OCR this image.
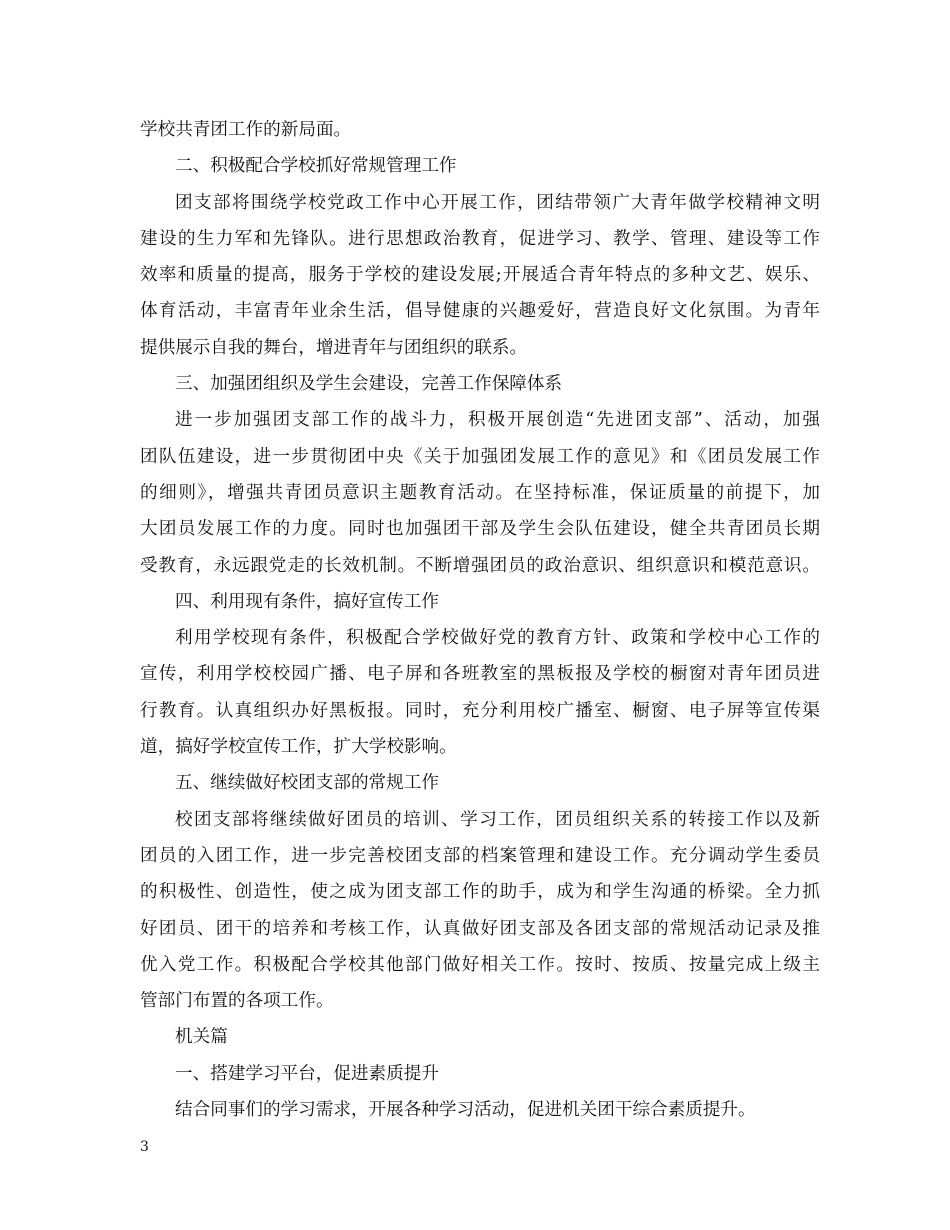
学校共青团工作的新局面。
二、积极配合学校抓好常规管理工作
团支部将围绕学校党政工作中心开展工作，团结带领广大青年做学校精神文明
建设的生力军和先锋队。进行思想政治教育，促进学习、教学、管理、建设等工作
效率和质量的提高，服务于学校的建设发展;开展适合青年特点的多种文艺、娱乐、
体育活动，丰富青年业余生活，倡导健康的兴趣爱好，营造良好文化氛围。为青年
提供展示自我的舞台，增进青年与团组织的联系。
三、加强团组织及学生会建设，完善工作保障体系
进一步加强团支部工作的战斗力，积极开展创造“先进团支部”、活动，加强
团队伍建设，进一步贯彻团中央《关于加强团发展工作的意见》和《团员发展工作
的细则》，增强共青团员意识主题教育活动。在坚持标准，保证质量的前提下，加
大团员发展工作的力度。同时也加强团干部及学生会队伍建设，健全共青团员长期
受教育，永远跟党走的长效机制。不断增强团员的政治意识、组织意识和模范意识。
四、利用现有条件，搞好宣传工作
利用学校现有条件，积极配合学校做好党的教育方针、政策和学校中心工作的
宣传，利用学校校园广播、电子屏和各班教室的黑板报及学校的橱窗对青年团员进
行教育。认真组织办好黑板报。同时，充分利用校广播室、橱窗、电子屏等宣传渠
道，搞好学校宣传工作，扩大学校影响。
五、继续做好校团支部的常规工作
校团支部将继续做好团员的培训、学习工作，团员组织关系的转接工作以及新
团员的入团工作，进一步完善校团支部的档案管理和建设工作。充分调动学生委员
的积极性、创造性，使之成为团支部工作的助手，成为和学生沟通的桥梁。全力抓
好团员、团干的培养和考核工作，认真做好团支部及各团支部的常规活动记录及推
优入党工作。积极配合学校其他部门做好相关工作。按时、按质、按量完成上级主
管部门布置的各项工作。
机关篇
一、搭建学习平台，促进素质提升
结合同事们的学习需求，开展各种学习活动，促进机关团干综合素质提升。
3
